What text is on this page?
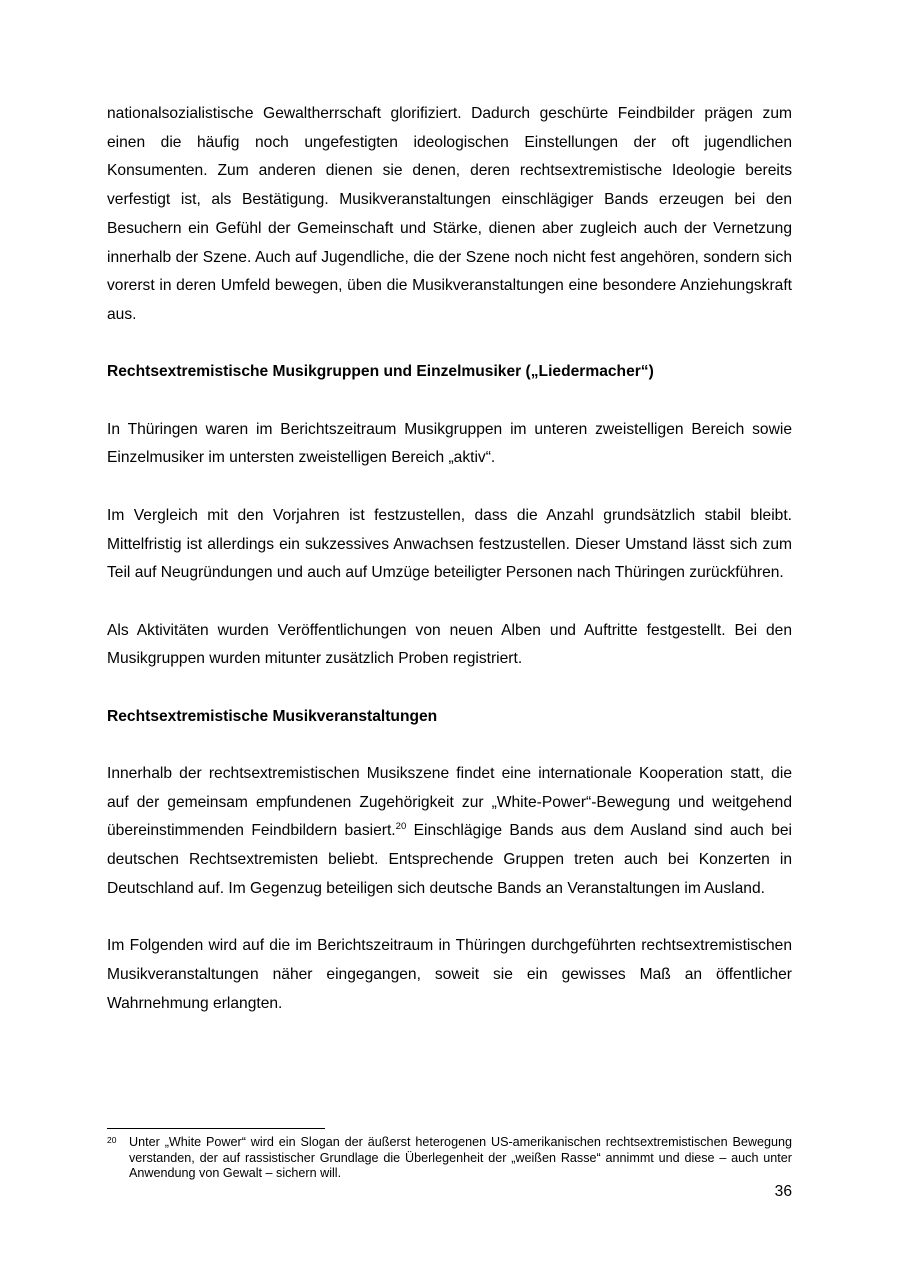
nationalsozialistische Gewaltherrschaft glorifiziert. Dadurch geschürte Feindbilder prägen zum einen die häufig noch ungefestigten ideologischen Einstellungen der oft jugendlichen Konsumenten. Zum anderen dienen sie denen, deren rechtsextremistische Ideologie bereits verfestigt ist, als Bestätigung. Musikveranstaltungen einschlägiger Bands erzeugen bei den Besuchern ein Gefühl der Gemeinschaft und Stärke, dienen aber zugleich auch der Vernetzung innerhalb der Szene. Auch auf Jugendliche, die der Szene noch nicht fest angehören, sondern sich vorerst in deren Umfeld bewegen, üben die Musikveranstaltungen eine besondere Anziehungskraft aus.

Rechtsextremistische Musikgruppen und Einzelmusiker („Liedermacher“)

In Thüringen waren im Berichtszeitraum Musikgruppen im unteren zweistelligen Bereich sowie Einzelmusiker im untersten zweistelligen Bereich „aktiv“.

Im Vergleich mit den Vorjahren ist festzustellen, dass die Anzahl grundsätzlich stabil bleibt. Mittelfristig ist allerdings ein sukzessives Anwachsen festzustellen. Dieser Umstand lässt sich zum Teil auf Neugründungen und auch auf Umzüge beteiligter Personen nach Thüringen zurückführen.

Als Aktivitäten wurden Veröffentlichungen von neuen Alben und Auftritte festgestellt. Bei den Musikgruppen wurden mitunter zusätzlich Proben registriert.

Rechtsextremistische Musikveranstaltungen

Innerhalb der rechtsextremistischen Musikszene findet eine internationale Kooperation statt, die auf der gemeinsam empfundenen Zugehörigkeit zur „White-Power“-Bewegung und weitgehend übereinstimmenden Feindbildern basiert.$^{20}$ Einschlägige Bands aus dem Ausland sind auch bei deutschen Rechtsextremisten beliebt. Entsprechende Gruppen treten auch bei Konzerten in Deutschland auf. Im Gegenzug beteiligen sich deutsche Bands an Veranstaltungen im Ausland.

Im Folgenden wird auf die im Berichtszeitraum in Thüringen durchgeführten rechtsextremistischen Musikveranstaltungen näher eingegangen, soweit sie ein gewisses Maß an öffentlicher Wahrnehmung erlangten.

20 Unter „White Power“ wird ein Slogan der äußerst heterogenen US-amerikanischen rechtsextremistischen Bewegung verstanden, der auf rassistischer Grundlage die Überlegenheit der „weißen Rasse“ annimmt und diese – auch unter Anwendung von Gewalt – sichern will.
36
